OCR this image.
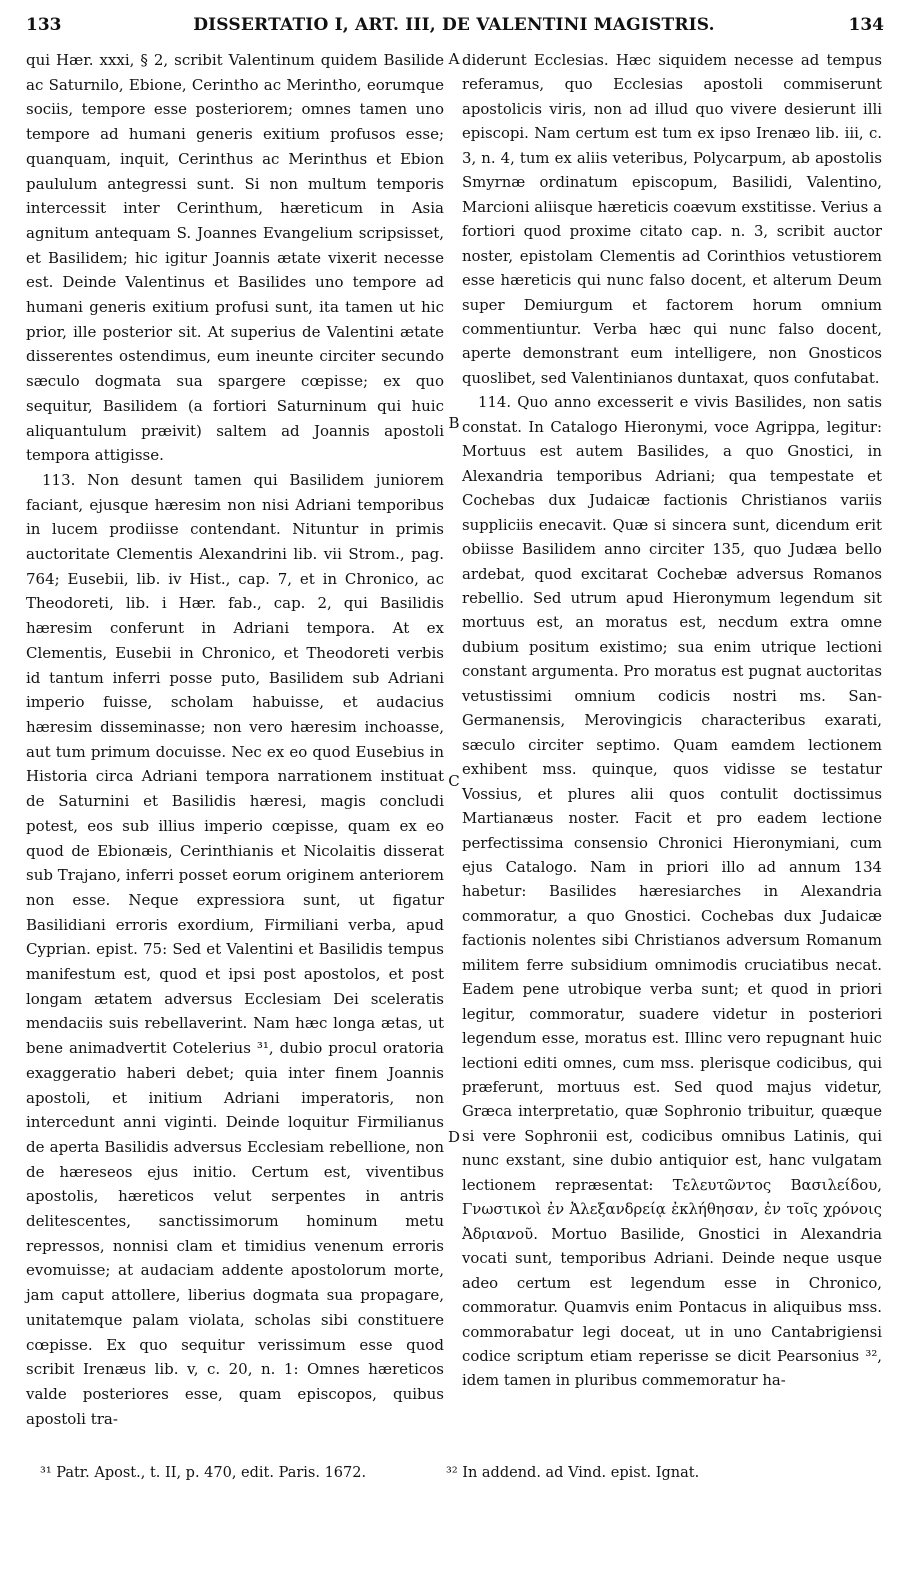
DISSERTATIO I, ART. III, DE VALENTINI MAGISTRIS.
133	134

qui Hær. xxxi, § 2, scribit Valentinum quidem Basilide ac Saturnilo, Ebione, Cerintho ac Merintho, eorumque sociis, tempore esse posteriorem; omnes tamen uno tempore ad humani generis exitium profusos esse; quanquam, inquit, Cerinthus ac Merinthus et Ebion paululum antegressi sunt. Si non multum temporis intercessit inter Cerinthum, hæreticum in Asia agnitum antequam S. Joannes Evangelium scripsisset, et Basilidem; hic igitur Joannis ætate vixerit necesse est. Deinde Valentinus et Basilides uno tempore ad humani generis exitium profusi sunt, ita tamen ut hic prior, ille posterior sit. At superius de Valentini ætate disserentes ostendimus, eum ineunte circiter secundo sæculo dogmata sua spargere cœpisse; ex quo sequitur, Basilidem (a fortiori Saturninum qui huic aliquantulum præivit) saltem ad Joannis apostoli tempora attigisse.

113. Non desunt tamen qui Basilidem juniorem faciant, ejusque hæresim non nisi Adriani temporibus in lucem prodiisse contendant. Nituntur in primis auctoritate Clementis Alexandrini lib. vii Strom., pag. 764; Eusebii, lib. iv Hist., cap. 7, et in Chronico, ac Theodoreti, lib. i Hær. fab., cap. 2, qui Basilidis hæresim conferunt in Adriani tempora. At ex Clementis, Eusebii in Chronico, et Theodoreti verbis id tantum inferri posse puto, Basilidem sub Adriani imperio fuisse, scholam habuisse, et audacius hæresim disseminasse; non vero hæresim inchoasse, aut tum primum docuisse. Nec ex eo quod Eusebius in Historia circa Adriani tempora narrationem instituat de Saturnini et Basilidis hæresi, magis concludi potest, eos sub illius imperio cœpisse, quam ex eo quod de Ebionæis, Cerinthianis et Nicolaitis disserat sub Trajano, inferri posset eorum originem anteriorem non esse. Neque expressiora sunt, ut figatur Basilidiani erroris exordium, Firmiliani verba, apud Cyprian. epist. 75: Sed et Valentini et Basilidis tempus manifestum est, quod et ipsi post apostolos, et post longam ætatem adversus Ecclesiam Dei sceleratis mendaciis suis rebellaverint. Nam hæc longa ætas, ut bene animadvertit Cotelerius ³¹, dubio procul oratoria exaggeratio haberi debet; quia inter finem Joannis apostoli, et initium Adriani imperatoris, non intercedunt anni viginti. Deinde loquitur Firmilianus de aperta Basilidis adversus Ecclesiam rebellione, non de hæreseos ejus initio. Certum est, viventibus apostolis, hæreticos velut serpentes in antris delitescentes, sanctissimorum hominum metu repressos, nonnisi clam et timidius venenum erroris evomuisse; at audaciam addente apostolorum morte, jam caput attollere, liberius dogmata sua propagare, unitatemque palam violata, scholas sibi constituere cœpisse. Ex quo sequitur verissimum esse quod scribit Irenæus lib. v, c. 20, n. 1: Omnes hæreticos valde posteriores esse, quam episcopos, quibus apostoli tra-

A
B
C
D

diderunt Ecclesias. Hæc siquidem necesse ad tempus referamus, quo Ecclesias apostoli commiserunt apostolicis viris, non ad illud quo vivere desierunt illi episcopi. Nam certum est tum ex ipso Irenæo lib. iii, c. 3, n. 4, tum ex aliis veteribus, Polycarpum, ab apostolis Smyrnæ ordinatum episcopum, Basilidi, Valentino, Marcioni aliisque hæreticis coævum exstitisse. Verius a fortiori quod proxime citato cap. n. 3, scribit auctor noster, epistolam Clementis ad Corinthios vetustiorem esse hæreticis qui nunc falso docent, et alterum Deum super Demiurgum et factorem horum omnium commentiuntur. Verba hæc qui nunc falso docent, aperte demonstrant eum intelligere, non Gnosticos quoslibet, sed Valentinianos duntaxat, quos confutabat.

114. Quo anno excesserit e vivis Basilides, non satis constat. In Catalogo Hieronymi, voce Agrippa, legitur: Mortuus est autem Basilides, a quo Gnostici, in Alexandria temporibus Adriani; qua tempestate et Cochebas dux Judaicæ factionis Christianos variis suppliciis enecavit. Quæ si sincera sunt, dicendum erit obiisse Basilidem anno circiter 135, quo Judæa bello ardebat, quod excitarat Cochebæ adversus Romanos rebellio. Sed utrum apud Hieronymum legendum sit mortuus est, an moratus est, necdum extra omne dubium positum existimo; sua enim utrique lectioni constant argumenta. Pro moratus est pugnat auctoritas vetustissimi omnium codicis nostri ms. San-Germanensis, Merovingicis characteribus exarati, sæculo circiter septimo. Quam eamdem lectionem exhibent mss. quinque, quos vidisse se testatur Vossius, et plures alii quos contulit doctissimus Martianæus noster. Facit et pro eadem lectione perfectissima consensio Chronici Hieronymiani, cum ejus Catalogo. Nam in priori illo ad annum 134 habetur: Basilides hæresiarches in Alexandria commoratur, a quo Gnostici. Cochebas dux Judaicæ factionis nolentes sibi Christianos adversum Romanum militem ferre subsidium omnimodis cruciatibus necat. Eadem pene utrobique verba sunt; et quod in priori legitur, commoratur, suadere videtur in posteriori legendum esse, moratus est. Illinc vero repugnant huic lectioni editi omnes, cum mss. plerisque codicibus, qui præferunt, mortuus est. Sed quod majus videtur, Græca interpretatio, quæ Sophronio tribuitur, quæque si vere Sophronii est, codicibus omnibus Latinis, qui nunc exstant, sine dubio antiquior est, hanc vulgatam lectionem repræsentat: Τελευτῶντος Βασιλείδου, Γνωστικοὶ ἐν Ἀλεξανδρείᾳ ἐκλήθησαν, ἐν τοῖς χρόνοις Ἀδριανοῦ. Mortuo Basilide, Gnostici in Alexandria vocati sunt, temporibus Adriani. Deinde neque usque adeo certum est legendum esse in Chronico, commoratur. Quamvis enim Pontacus in aliquibus mss. commorabatur legi doceat, ut in uno Cantabrigiensi codice scriptum etiam reperisse se dicit Pearsonius ³², idem tamen in pluribus commemoratur ha-

³¹ Patr. Apost., t. II, p. 470, edit. Paris. 1672.	³² In addend. ad Vind. epist. Ignat.
